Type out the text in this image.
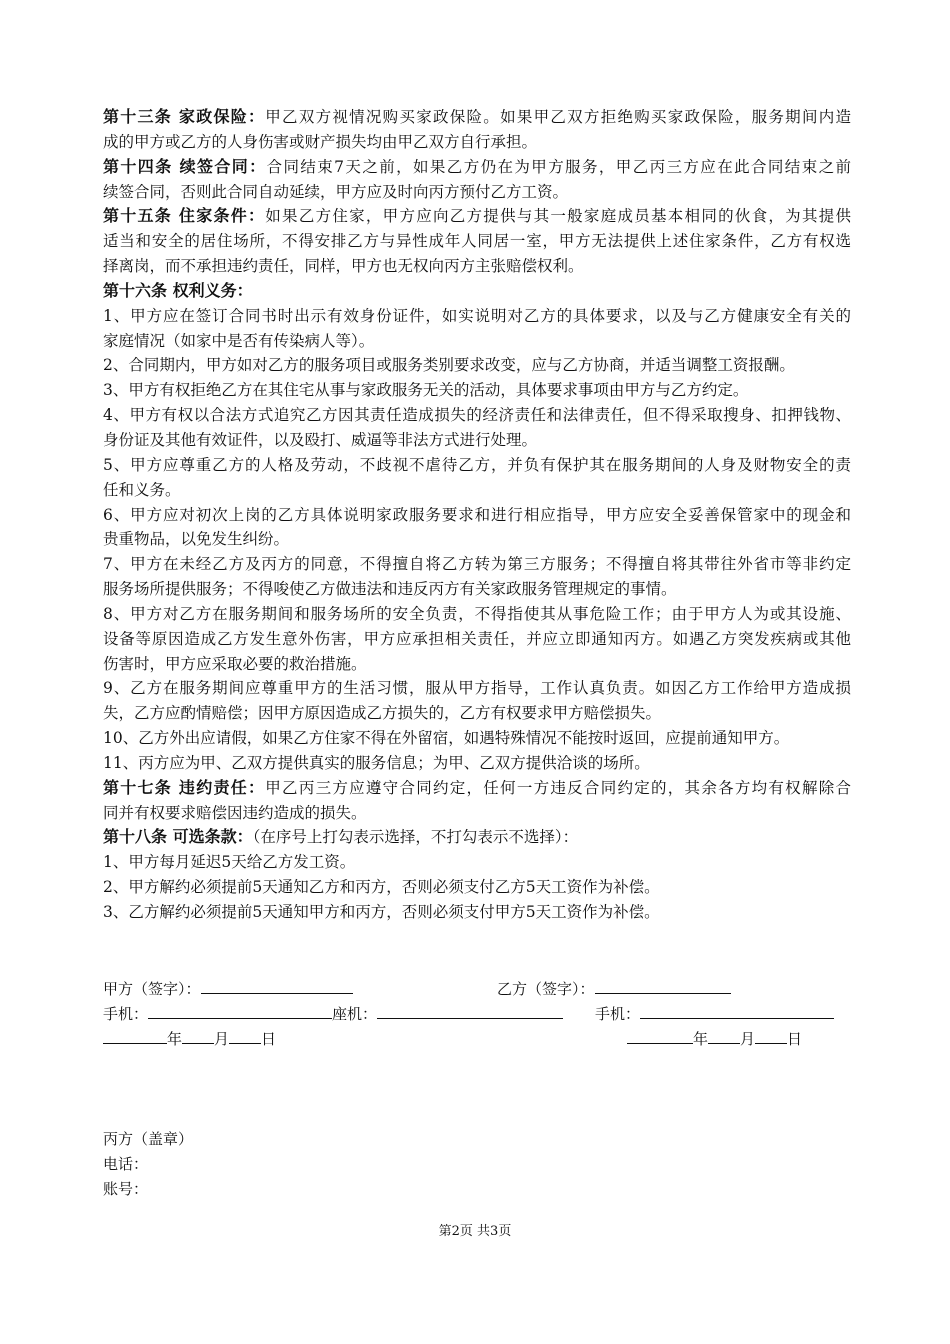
第十三条 家政保险：甲乙双方视情况购买家政保险。如果甲乙双方拒绝购买家政保险，服务期间内造
成的甲方或乙方的人身伤害或财产损失均由甲乙双方自行承担。
第十四条 续签合同：合同结束7天之前，如果乙方仍在为甲方服务，甲乙丙三方应在此合同结束之前
续签合同，否则此合同自动延续，甲方应及时向丙方预付乙方工资。
第十五条 住家条件：如果乙方住家，甲方应向乙方提供与其一般家庭成员基本相同的伙食，为其提供
适当和安全的居住场所，不得安排乙方与异性成年人同居一室，甲方无法提供上述住家条件，乙方有权选
择离岗，而不承担违约责任，同样，甲方也无权向丙方主张赔偿权利。
第十六条 权利义务：
1、甲方应在签订合同书时出示有效身份证件，如实说明对乙方的具体要求，以及与乙方健康安全有关的
家庭情况（如家中是否有传染病人等）。
2、合同期内，甲方如对乙方的服务项目或服务类别要求改变，应与乙方协商，并适当调整工资报酬。
3、甲方有权拒绝乙方在其住宅从事与家政服务无关的活动，具体要求事项由甲方与乙方约定。
4、甲方有权以合法方式追究乙方因其责任造成损失的经济责任和法律责任，但不得采取搜身、扣押钱物、
身份证及其他有效证件，以及殴打、威逼等非法方式进行处理。
5、甲方应尊重乙方的人格及劳动，不歧视不虐待乙方，并负有保护其在服务期间的人身及财物安全的责
任和义务。
6、甲方应对初次上岗的乙方具体说明家政服务要求和进行相应指导，甲方应安全妥善保管家中的现金和
贵重物品，以免发生纠纷。
7、甲方在未经乙方及丙方的同意，不得擅自将乙方转为第三方服务；不得擅自将其带往外省市等非约定
服务场所提供服务；不得唆使乙方做违法和违反丙方有关家政服务管理规定的事情。
8、甲方对乙方在服务期间和服务场所的安全负责，不得指使其从事危险工作；由于甲方人为或其设施、
设备等原因造成乙方发生意外伤害，甲方应承担相关责任，并应立即通知丙方。如遇乙方突发疾病或其他
伤害时，甲方应采取必要的救治措施。
9、乙方在服务期间应尊重甲方的生活习惯，服从甲方指导，工作认真负责。如因乙方工作给甲方造成损
失，乙方应酌情赔偿；因甲方原因造成乙方损失的，乙方有权要求甲方赔偿损失。
10、乙方外出应请假，如果乙方住家不得在外留宿，如遇特殊情况不能按时返回，应提前通知甲方。
11、丙方应为甲、乙双方提供真实的服务信息；为甲、乙双方提供洽谈的场所。
第十七条 违约责任：甲乙丙三方应遵守合同约定，任何一方违反合同约定的，其余各方均有权解除合
同并有权要求赔偿因违约造成的损失。
第十八条 可选条款：（在序号上打勾表示选择，不打勾表示不选择）：
1、甲方每月延迟5天给乙方发工资。
2、甲方解约必须提前5天通知乙方和丙方，否则必须支付乙方5天工资作为补偿。
3、乙方解约必须提前5天通知甲方和丙方，否则必须支付甲方5天工资作为补偿。
甲方（签字）：	乙方（签字）：
手机：	座机：	手机：
年 月 日	年 月 日
丙方（盖章）
电话：
账号：
第2页 共3页
